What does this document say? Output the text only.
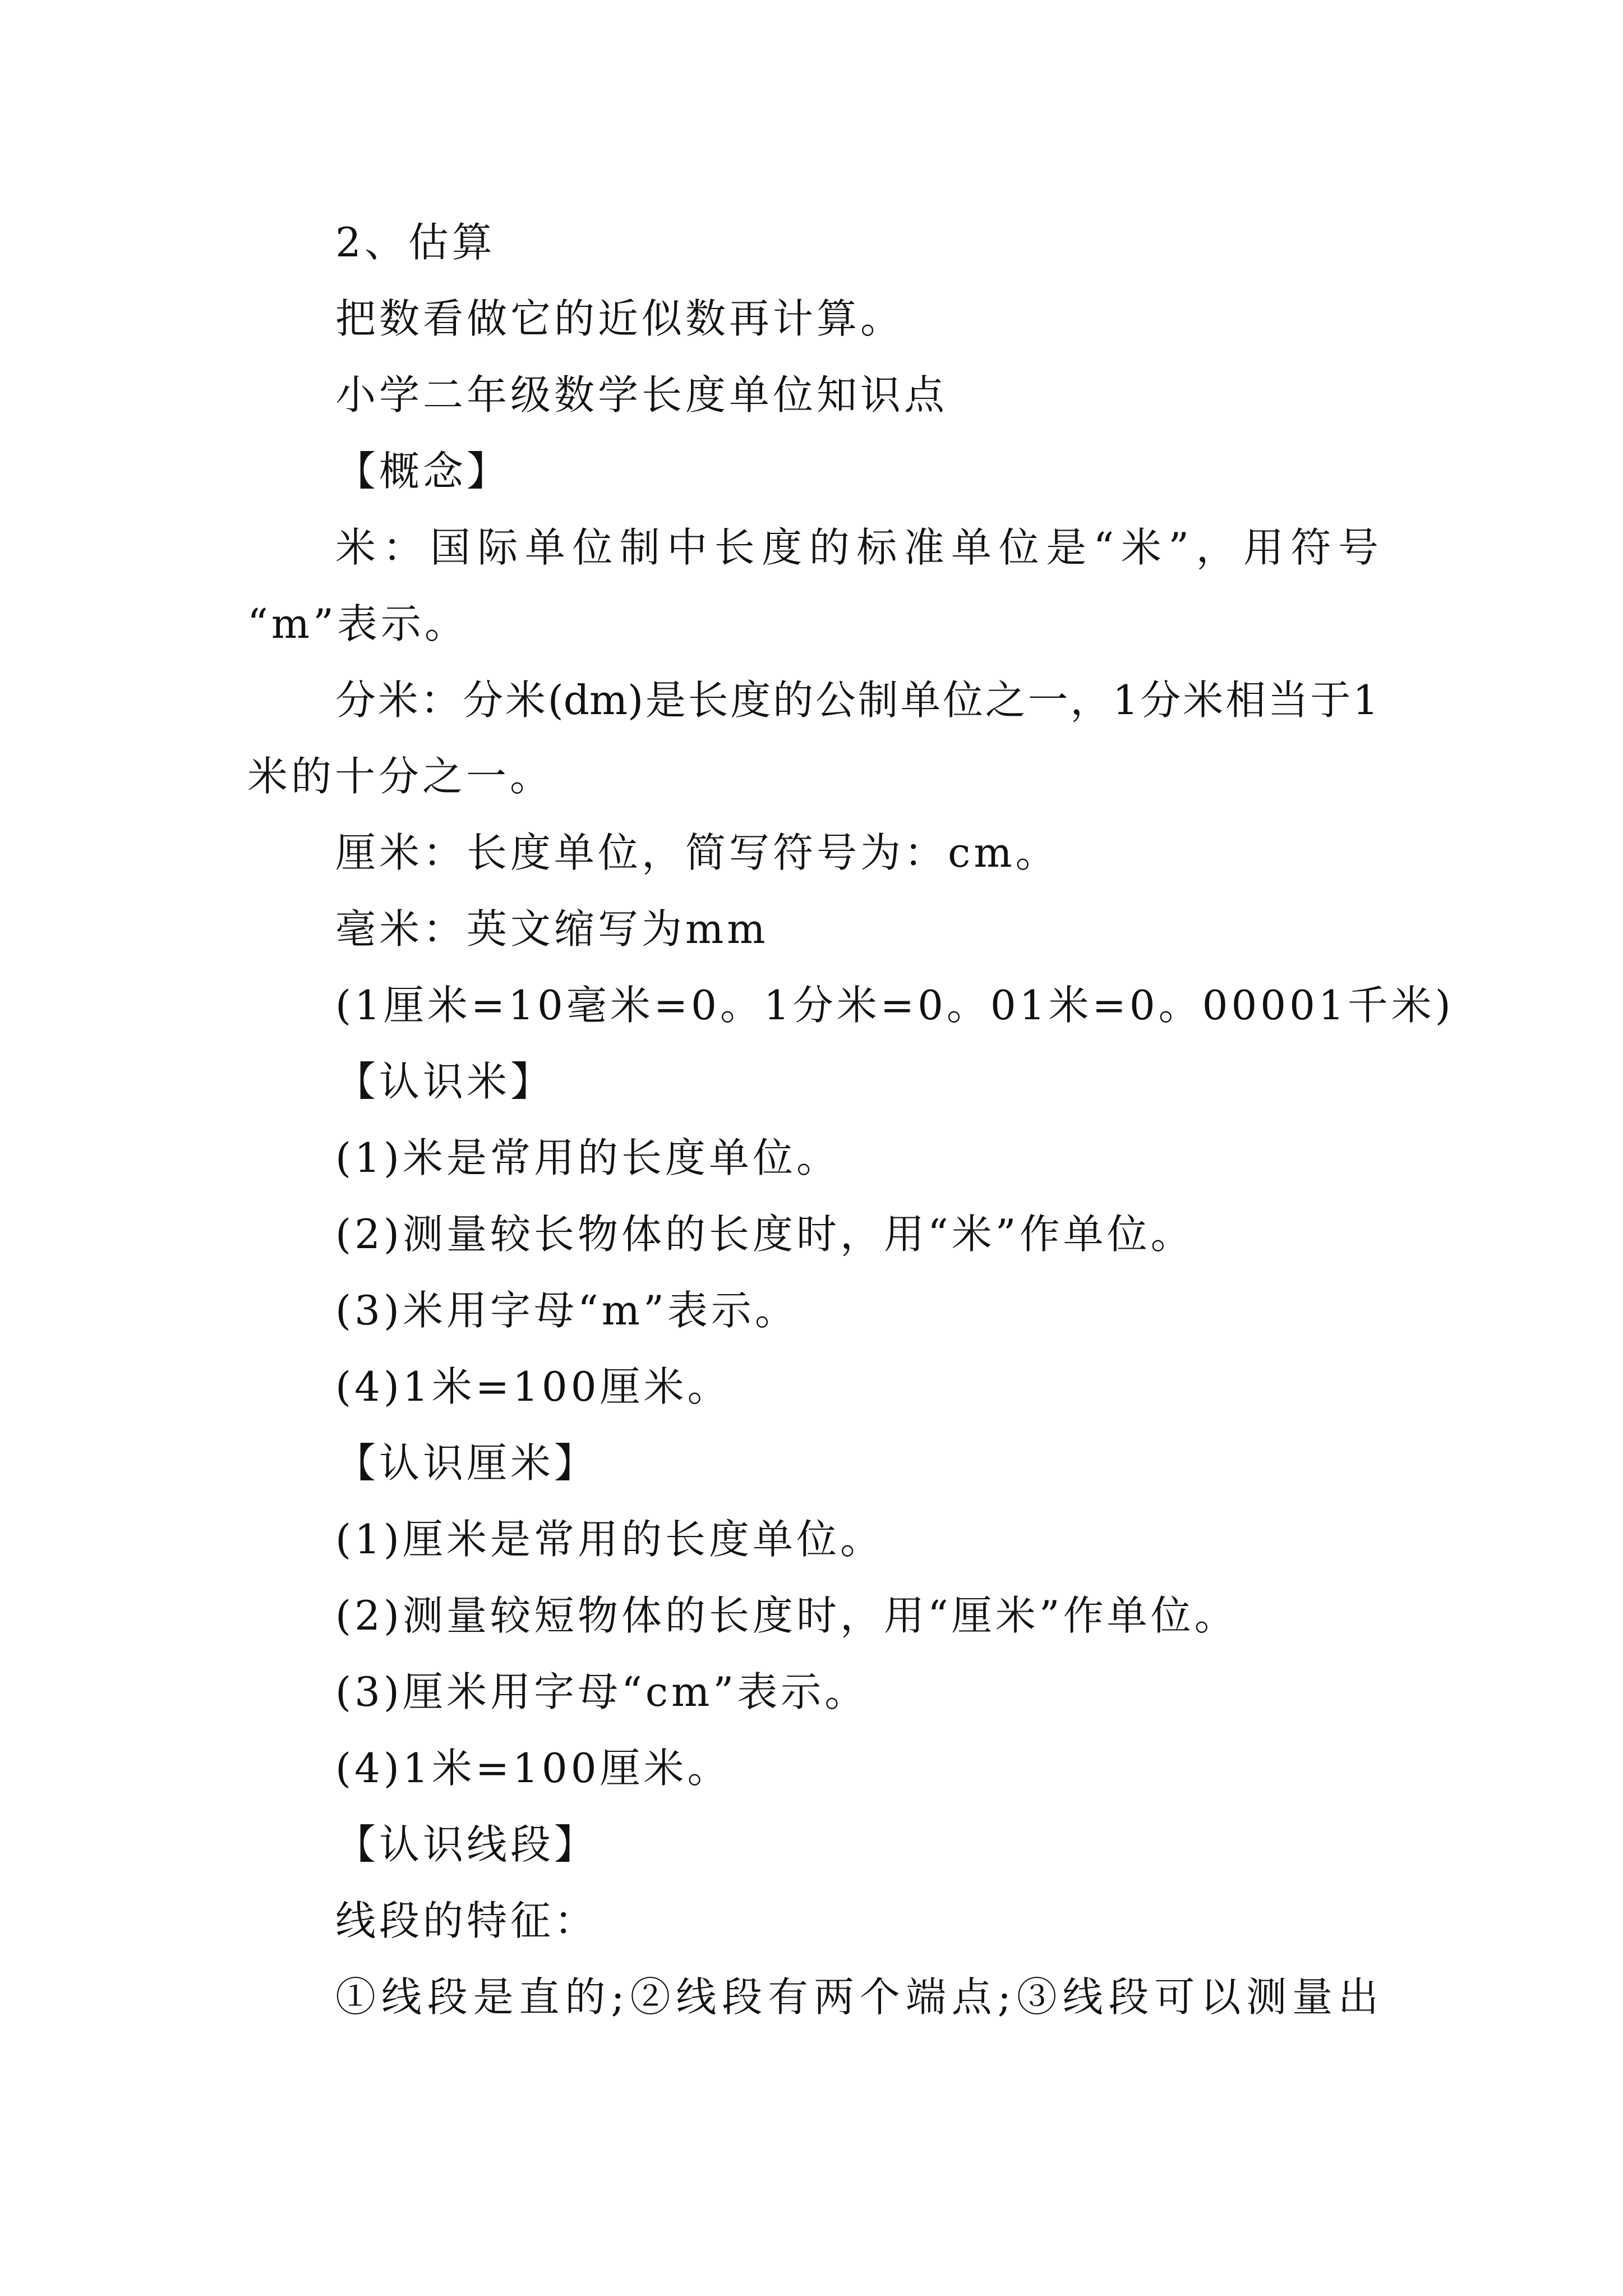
2、估算
把数看做它的近似数再计算。
小学二年级数学长度单位知识点
【概念】
米：国际单位制中长度的标准单位是“米”，用符号
“m”表示。
分米：分米(dm)是长度的公制单位之一，1分米相当于1
米的十分之一。
厘米：长度单位，简写符号为：cm。
毫米：英文缩写为mm
(1厘米=10毫米=0。1分米=0。01米=0。00001千米)
【认识米】
(1)米是常用的长度单位。
(2)测量较长物体的长度时，用“米”作单位。
(3)米用字母“m”表示。
(4)1米=100厘米。
【认识厘米】
(1)厘米是常用的长度单位。
(2)测量较短物体的长度时，用“厘米”作单位。
(3)厘米用字母“cm”表示。
(4)1米=100厘米。
【认识线段】
线段的特征：
①线段是直的;②线段有两个端点;③线段可以测量出
